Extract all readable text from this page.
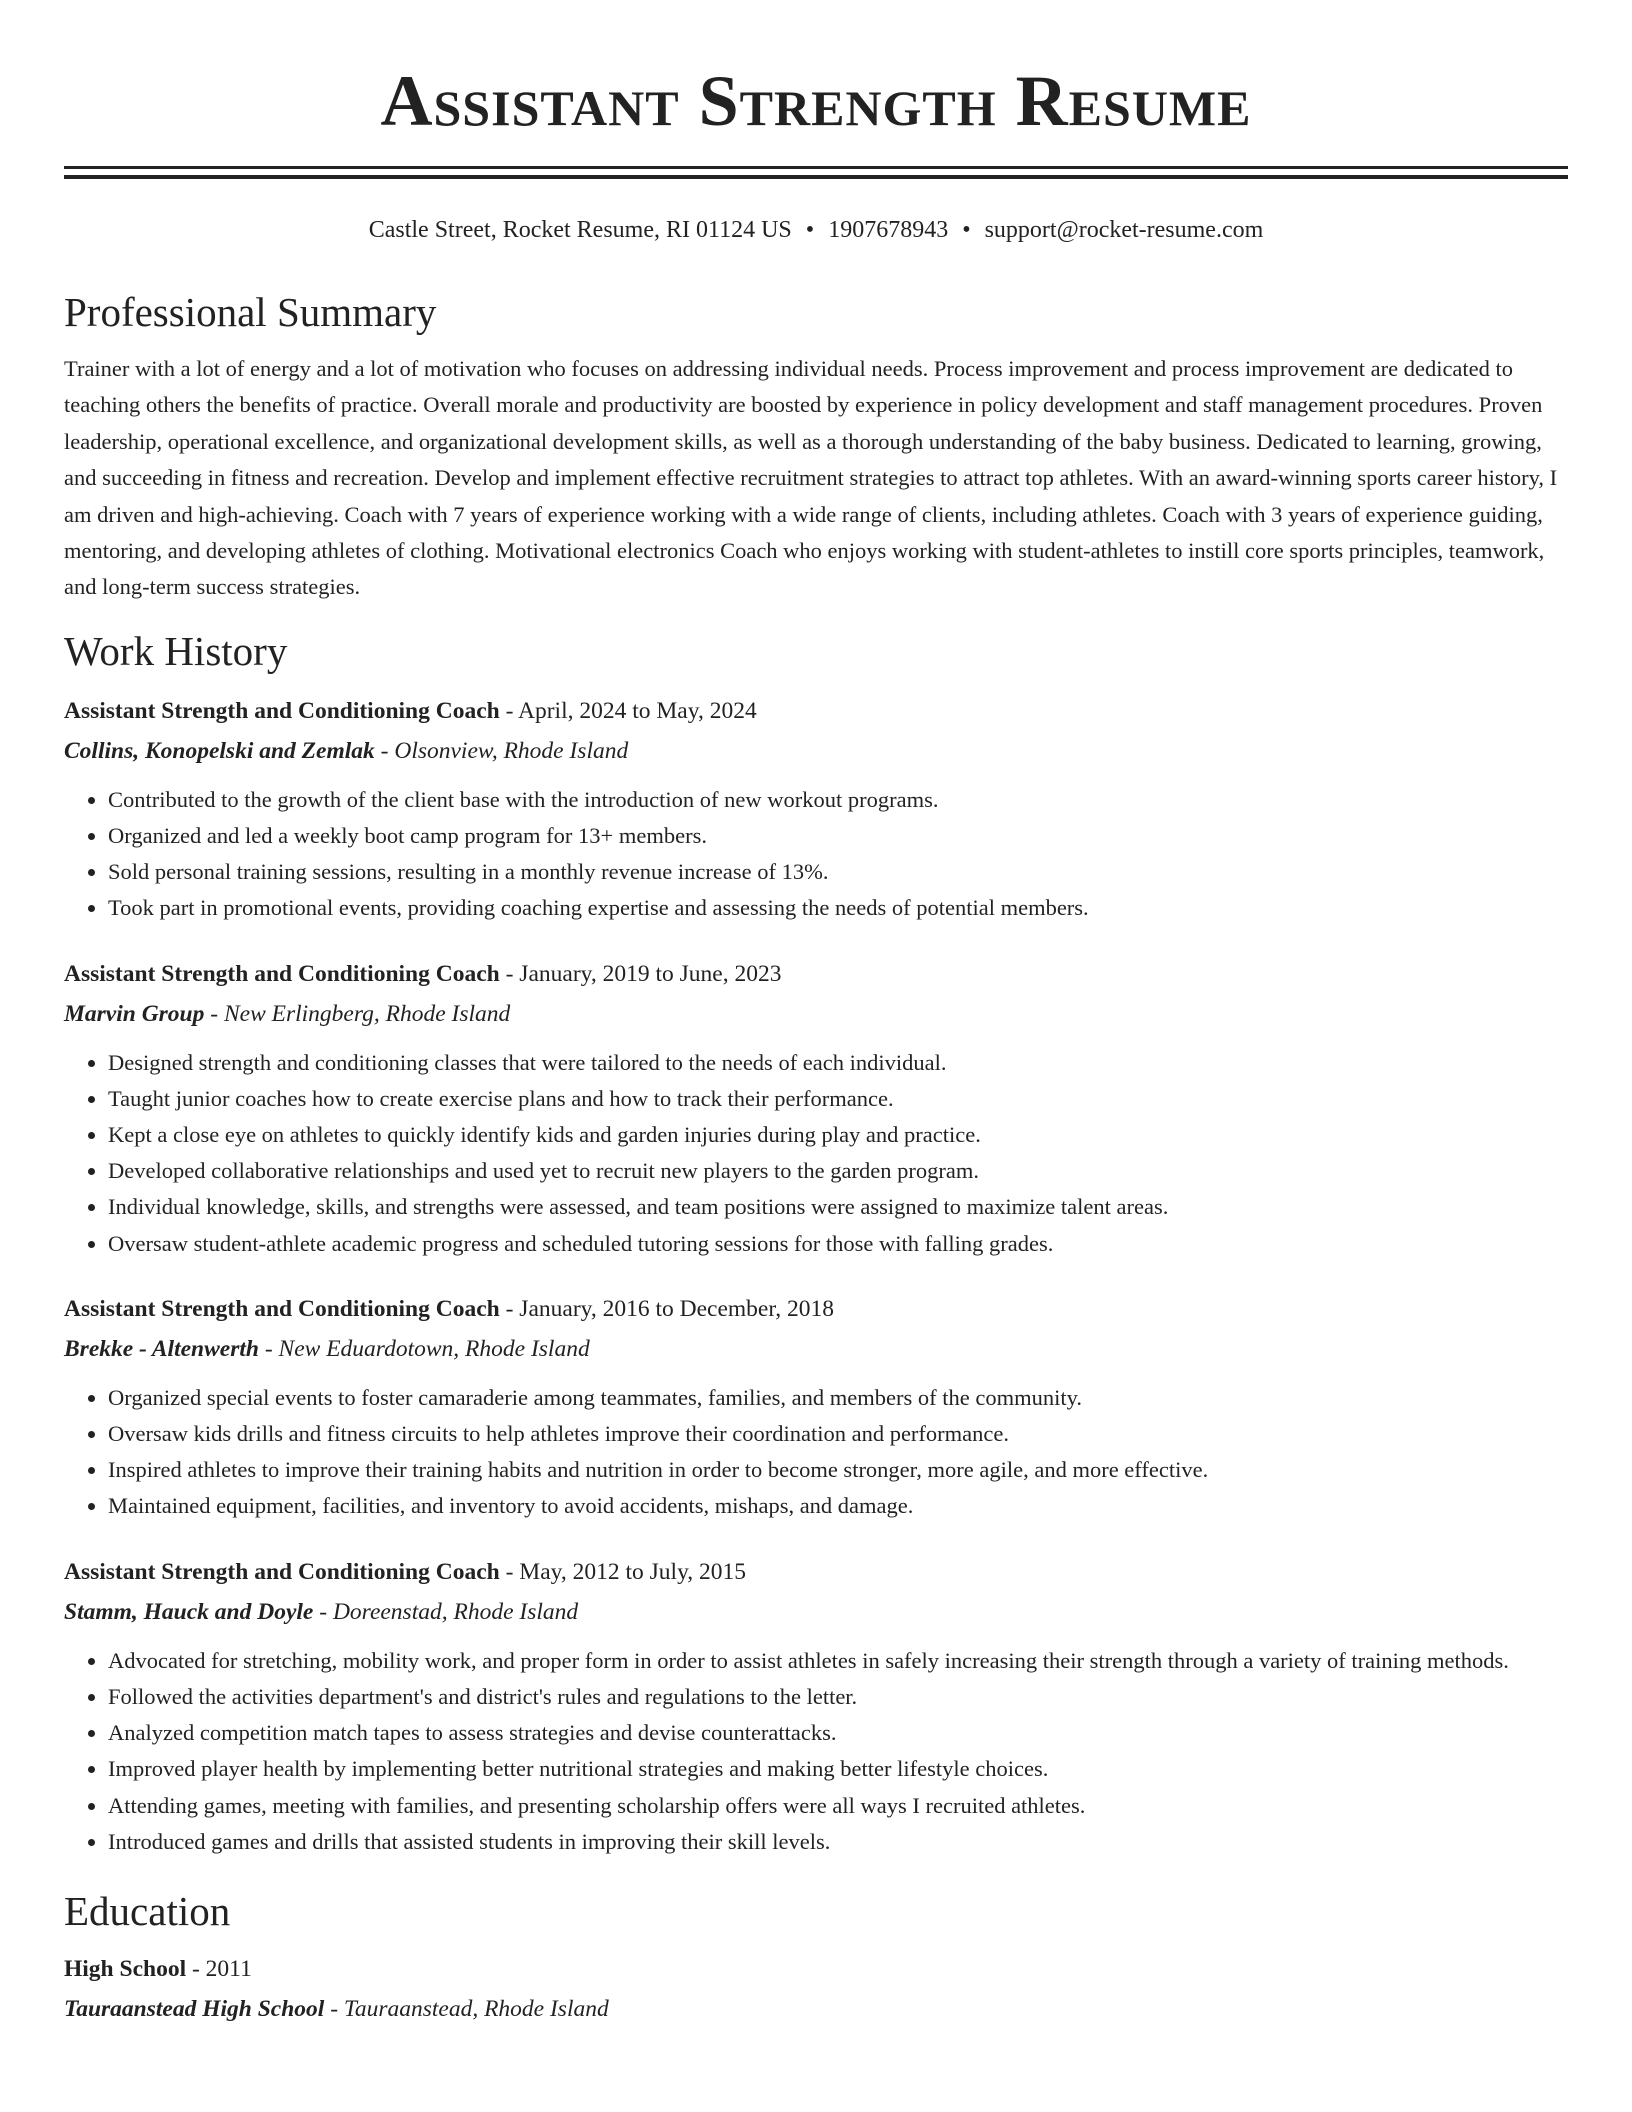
Assistant Strength Resume
Castle Street, Rocket Resume, RI 01124 US • 1907678943 • support@rocket-resume.com
Professional Summary

Trainer with a lot of energy and a lot of motivation who focuses on addressing individual needs. Process improvement and process improvement are dedicated to teaching others the benefits of practice. Overall morale and productivity are boosted by experience in policy development and staff management procedures. Proven leadership, operational excellence, and organizational development skills, as well as a thorough understanding of the baby business. Dedicated to learning, growing, and succeeding in fitness and recreation. Develop and implement effective recruitment strategies to attract top athletes. With an award-winning sports career history, I am driven and high-achieving. Coach with 7 years of experience working with a wide range of clients, including athletes. Coach with 3 years of experience guiding, mentoring, and developing athletes of clothing. Motivational electronics Coach who enjoys working with student-athletes to instill core sports principles, teamwork, and long-term success strategies.

Work History
Assistant Strength and Conditioning Coach - April, 2024 to May, 2024
Collins, Konopelski and Zemlak - Olsonview, Rhode Island
• Contributed to the growth of the client base with the introduction of new workout programs.
• Organized and led a weekly boot camp program for 13+ members.
• Sold personal training sessions, resulting in a monthly revenue increase of 13%.
• Took part in promotional events, providing coaching expertise and assessing the needs of potential members.
Assistant Strength and Conditioning Coach - January, 2019 to June, 2023
Marvin Group - New Erlingberg, Rhode Island
• Designed strength and conditioning classes that were tailored to the needs of each individual.
• Taught junior coaches how to create exercise plans and how to track their performance.
• Kept a close eye on athletes to quickly identify kids and garden injuries during play and practice.
• Developed collaborative relationships and used yet to recruit new players to the garden program.
• Individual knowledge, skills, and strengths were assessed, and team positions were assigned to maximize talent areas.
• Oversaw student-athlete academic progress and scheduled tutoring sessions for those with falling grades.
Assistant Strength and Conditioning Coach - January, 2016 to December, 2018
Brekke - Altenwerth - New Eduardotown, Rhode Island
• Organized special events to foster camaraderie among teammates, families, and members of the community.
• Oversaw kids drills and fitness circuits to help athletes improve their coordination and performance.
• Inspired athletes to improve their training habits and nutrition in order to become stronger, more agile, and more effective.
• Maintained equipment, facilities, and inventory to avoid accidents, mishaps, and damage.
Assistant Strength and Conditioning Coach - May, 2012 to July, 2015
Stamm, Hauck and Doyle - Doreenstad, Rhode Island
• Advocated for stretching, mobility work, and proper form in order to assist athletes in safely increasing their strength through a variety of training methods.
• Followed the activities department's and district's rules and regulations to the letter.
• Analyzed competition match tapes to assess strategies and devise counterattacks.
• Improved player health by implementing better nutritional strategies and making better lifestyle choices.
• Attending games, meeting with families, and presenting scholarship offers were all ways I recruited athletes.
• Introduced games and drills that assisted students in improving their skill levels.
Education
High School - 2011
Tauraanstead High School - Tauraanstead, Rhode Island
